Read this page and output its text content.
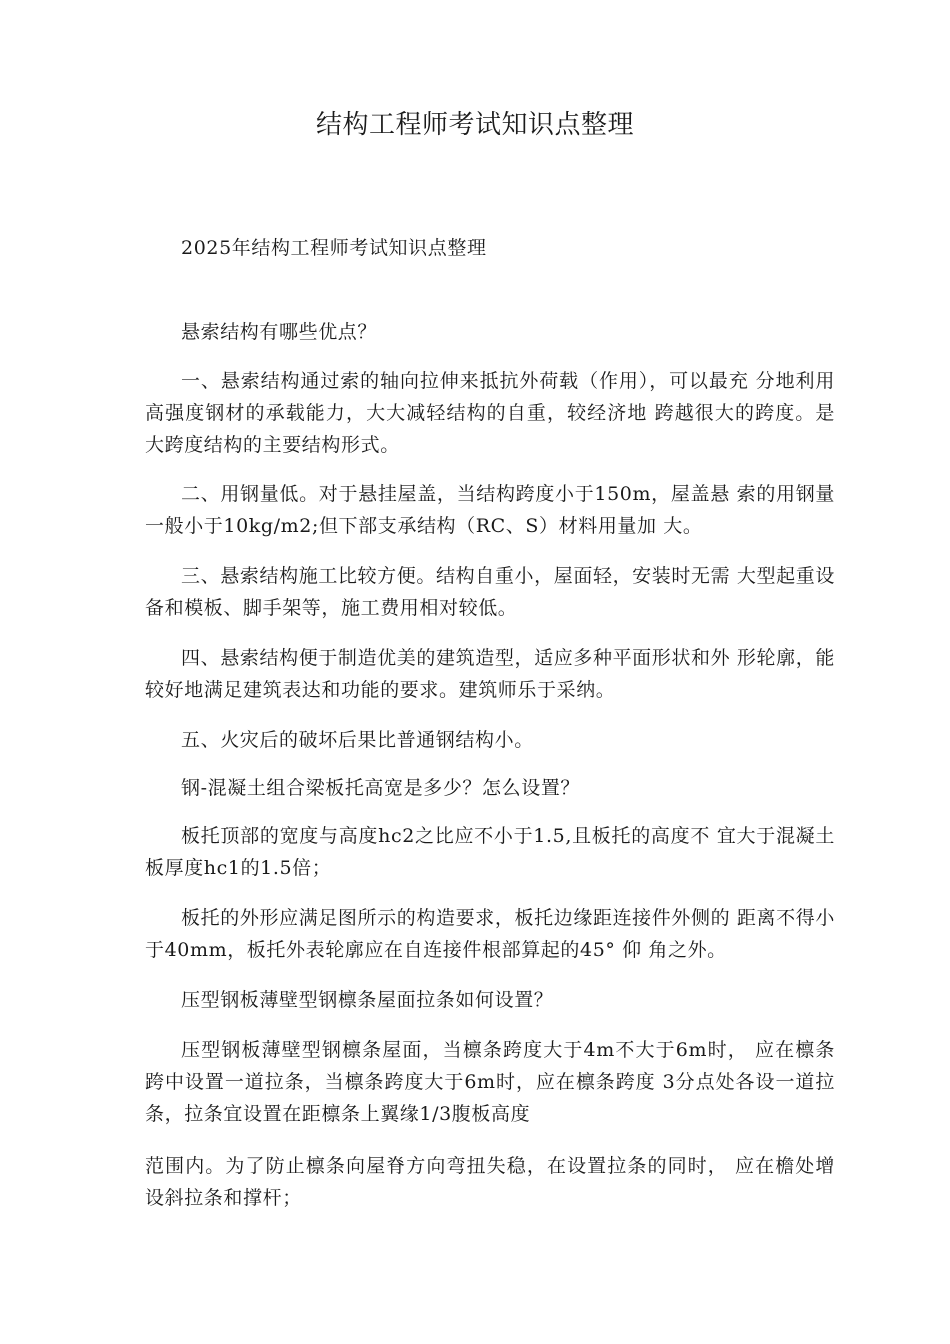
结构工程师考试知识点整理

2025年结构工程师考试知识点整理

悬索结构有哪些优点？

一、悬索结构通过索的轴向拉伸来抵抗外荷载（作用），可以最充 分地利用高强度钢材的承载能力，大大减轻结构的自重，较经济地 跨越很大的跨度。是大跨度结构的主要结构形式。

二、用钢量低。对于悬挂屋盖，当结构跨度小于150m，屋盖悬 索的用钢量一般小于10kg/m2;但下部支承结构（RC、S）材料用量加 大。

三、悬索结构施工比较方便。结构自重小，屋面轻，安装时无需 大型起重设备和模板、脚手架等，施工费用相对较低。

四、悬索结构便于制造优美的建筑造型，适应多种平面形状和外 形轮廓，能较好地满足建筑表达和功能的要求。建筑师乐于采纳。

五、火灾后的破坏后果比普通钢结构小。

钢-混凝土组合梁板托高宽是多少？怎么设置？

板托顶部的宽度与高度hc2之比应不小于1.5,且板托的高度不 宜大于混凝土板厚度hc1的1.5倍；

板托的外形应满足图所示的构造要求，板托边缘距连接件外侧的 距离不得小于40mm，板托外表轮廓应在自连接件根部算起的45° 仰 角之外。

压型钢板薄壁型钢檩条屋面拉条如何设置？

压型钢板薄壁型钢檩条屋面，当檩条跨度大于4m不大于6m时， 应在檩条跨中设置一道拉条，当檩条跨度大于6m时，应在檩条跨度 3分点处各设一道拉条，拉条宜设置在距檩条上翼缘1/3腹板高度

范围内。为了防止檩条向屋脊方向弯扭失稳，在设置拉条的同时， 应在檐处增设斜拉条和撑杆；
